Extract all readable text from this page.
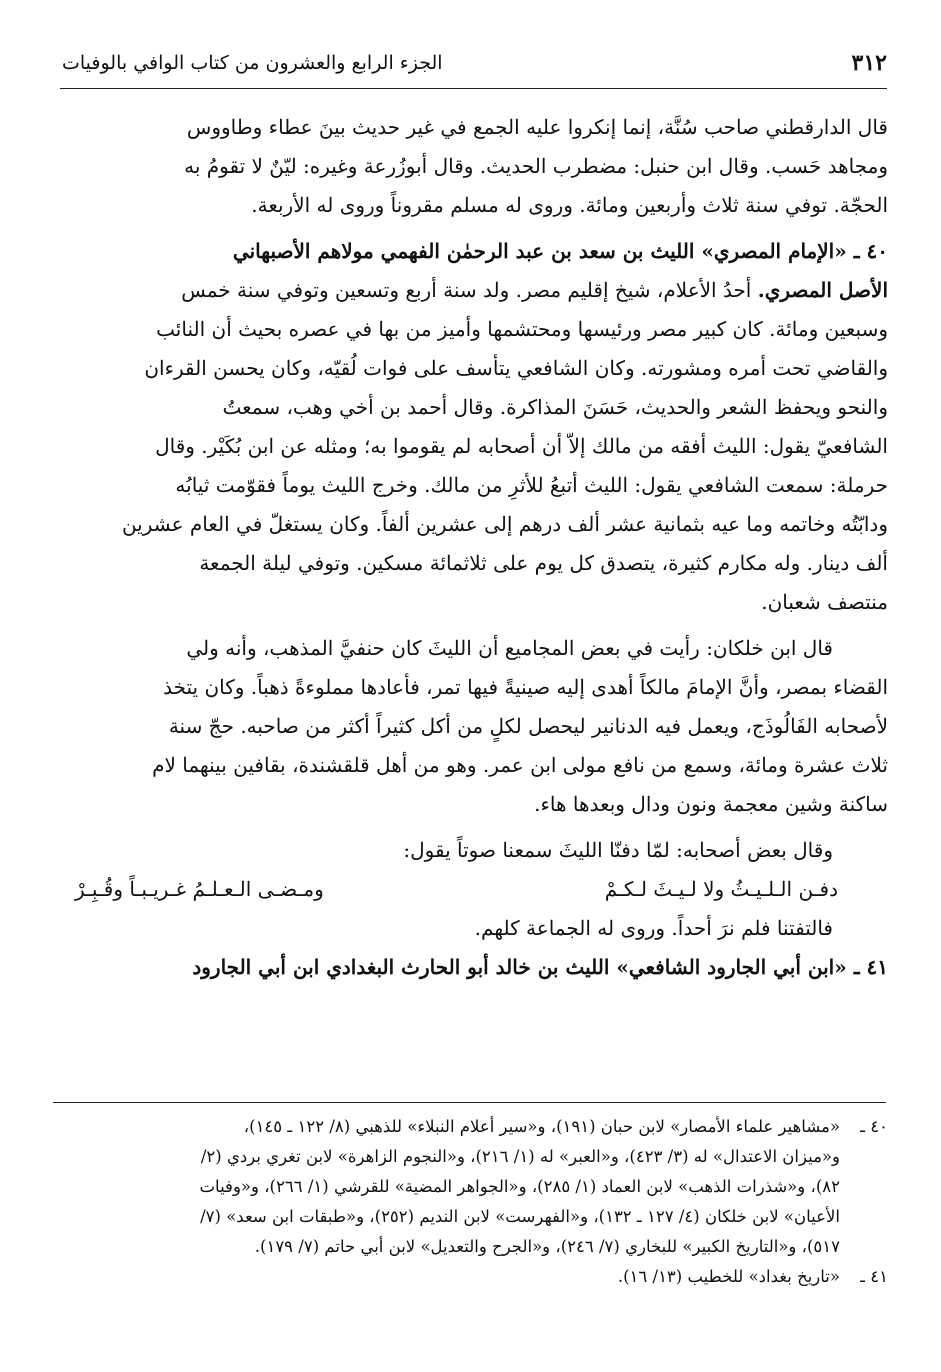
٣١٢
الجزء الرابع والعشرون من كتاب الوافي بالوفيات

قال الدارقطني صاحب سُنَّة، إنما إنكروا عليه الجمع في غير حديث بينَ عطاء وطاووس
ومجاهد حَسب. وقال ابن حنبل: مضطرب الحديث. وقال أبوزُرعة وغيره: ليّنٌ لا تقومُ به
الحجّة. توفي سنة ثلاث وأربعين ومائة. وروى له مسلم مقروناً وروى له الأربعة.

٤٠ ـ «الإمام المصري» الليث بن سعد بن عبد الرحمٰن الفهمي مولاهم الأصبهاني
الأصل المصري. أحدُ الأعلام، شيخ إقليم مصر. ولد سنة أربع وتسعين وتوفي سنة خمس
وسبعين ومائة. كان كبير مصر ورئيسها ومحتشمها وأميز من بها في عصره بحيث أن النائب
والقاضي تحت أمره ومشورته. وكان الشافعي يتأسف على فوات لُقيّه، وكان يحسن القرءان
والنحو ويحفظ الشعر والحديث، حَسَنَ المذاكرة. وقال أحمد بن أخي وهب، سمعتُ
الشافعيّ يقول: الليث أفقه من مالك إلاّ أن أصحابه لم يقوموا به؛ ومثله عن ابن بُكَيْر. وقال
حرملة: سمعت الشافعي يقول: الليث أتبعُ للأثرِ من مالك. وخرج الليث يوماً فقوّمت ثيابُه
ودابّتُه وخاتمه وما عيه بثمانية عشر ألف درهم إلى عشرين ألفاً. وكان يستغلّ في العام عشرين
ألف دينار. وله مكارم كثيرة، يتصدق كل يوم على ثلاثمائة مسكين. وتوفي ليلة الجمعة
منتصف شعبان.

قال ابن خلكان: رأيت في بعض المجاميع أن الليثَ كان حنفيَّ المذهب، وأنه ولي
القضاء بمصر، وأنَّ الإمامَ مالكاً أهدى إليه صينيةً فيها تمر، فأعادها مملوءةً ذهباً. وكان يتخذ
لأصحابه الفَالُوذَج، ويعمل فيه الدنانير ليحصل لكلٍ من أكل كثيراً أكثر من صاحبه. حجّ سنة
ثلاث عشرة ومائة، وسمع من نافع مولى ابن عمر. وهو من أهل قلقشندة، بقافين بينهما لام
ساكنة وشين معجمة ونون ودال وبعدها هاء.

وقال بعض أصحابه: لمّا دفنّا الليثَ سمعنا صوتاً يقول:

دفـن الـلـيـثُ ولا لـيـثَ لـكـمْ
ومـضـى الـعـلـمُ غـريـبـاً وقُـبِـرْ

فالتفتنا فلم نرَ أحداً. وروى له الجماعة كلهم.

٤١ ـ «ابن أبي الجارود الشافعي» الليث بن خالد أبو الحارث البغدادي ابن أبي الجارود

٤٠ ـ
«مشاهير علماء الأمصار» لابن حبان (١٩١)، و«سير أعلام النبلاء» للذهبي (٨/ ١٢٢ ـ ١٤٥)،
و«ميزان الاعتدال» له (٣/ ٤٢٣)، و«العبر» له (١/ ٢١٦)، و«النجوم الزاهرة» لابن تغري بردي (٢/
٨٢)، و«شذرات الذهب» لابن العماد (١/ ٢٨٥)، و«الجواهر المضية» للقرشي (١/ ٢٦٦)، و«وفيات
الأعيان» لابن خلكان (٤/ ١٢٧ ـ ١٣٢)، و«الفهرست» لابن النديم (٢٥٢)، و«طبقات ابن سعد» (٧/
٥١٧)، و«التاريخ الكبير» للبخاري (٧/ ٢٤٦)، و«الجرح والتعديل» لابن أبي حاتم (٧/ ١٧٩).
٤١ ـ
«تاريخ بغداد» للخطيب (١٣/ ١٦).
